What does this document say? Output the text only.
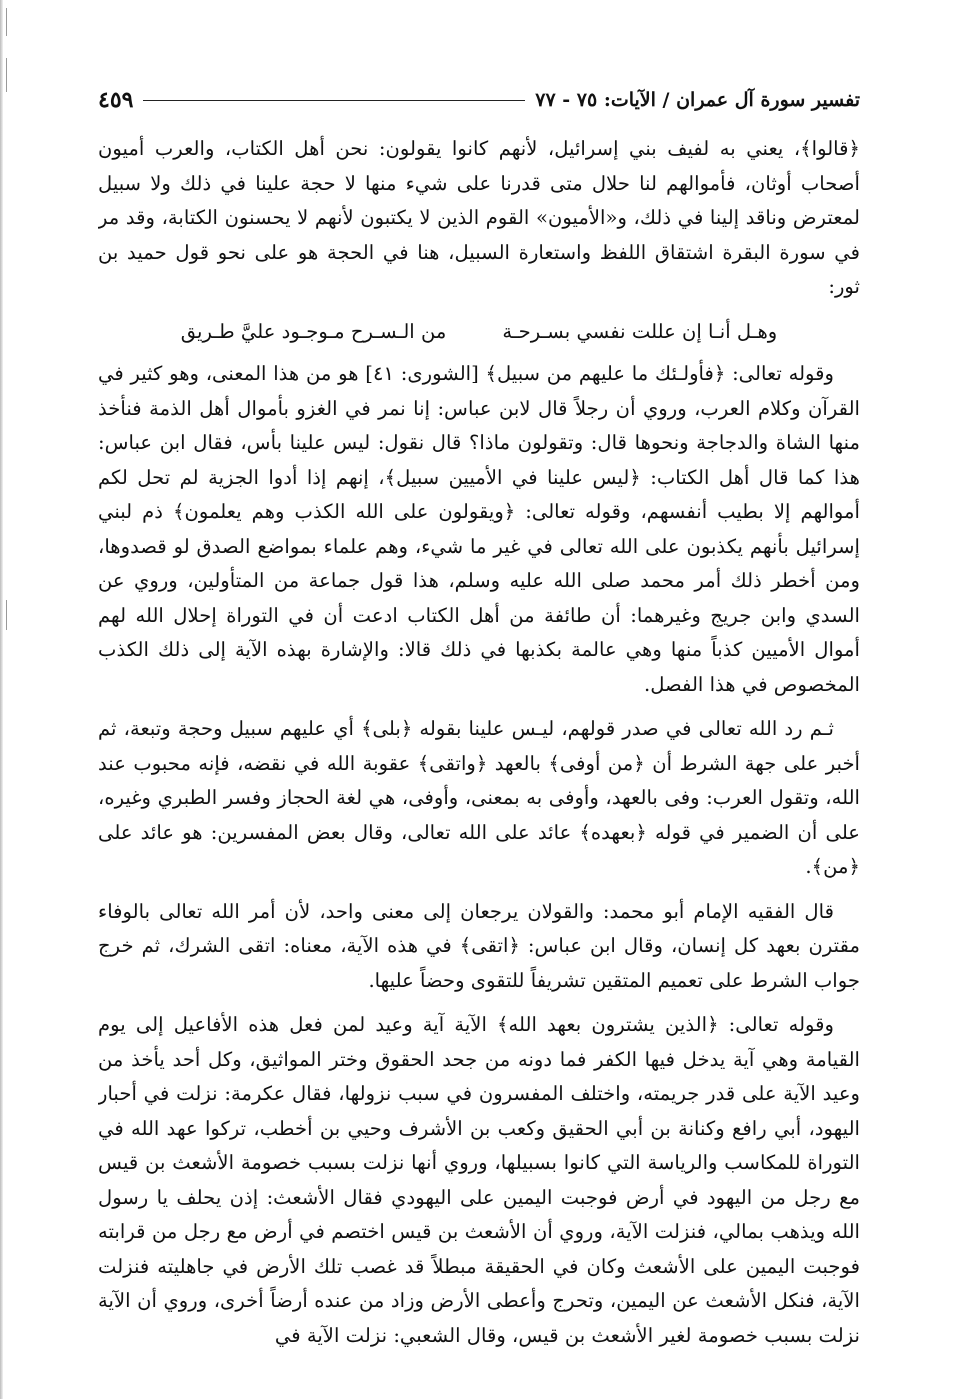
تفسير سورة آل عمران / الآيات: ٧٥ - ٧٧
٤٥٩

﴿قالوا﴾، يعني به لفيف بني إسرائيل، لأنهم كانوا يقولون: نحن أهل الكتاب، والعرب أميون أصحاب أوثان، فأموالهم لنا حلال متى قدرنا على شيء منها لا حجة علينا في ذلك ولا سبيل لمعترض وناقد إلينا في ذلك، و«الأميون» القوم الذين لا يكتبون لأنهم لا يحسنون الكتابة، وقد مر في سورة البقرة اشتقاق اللفظ واستعارة السبيل، هنا في الحجة هو على نحو قول حميد بن ثور:

وهـل أنـا إن عللت نفسي بسـرحـة
من الـسـرح مـوجـود عليَّ طـريق

وقوله تعالى: ﴿فأولـئك ما عليهم من سبيل﴾ [الشورى: ٤١] هو من هذا المعنى، وهو كثير في القرآن وكلام العرب، وروي أن رجلاً قال لابن عباس: إنا نمر في الغزو بأموال أهل الذمة فنأخذ منها الشاة والدجاجة ونحوها قال: وتقولون ماذا؟ قال نقول: ليس علينا بأس، فقال ابن عباس: هذا كما قال أهل الكتاب: ﴿ليس علينا في الأميين سبيل﴾، إنهم إذا أدوا الجزية لم تحل لكم أموالهم إلا بطيب أنفسهم، وقوله تعالى: ﴿ويقولون على الله الكذب وهم يعلمون﴾ ذم لبني إسرائيل بأنهم يكذبون على الله تعالى في غير ما شيء، وهم علماء بمواضع الصدق لو قصدوها، ومن أخطر ذلك أمر محمد صلى الله عليه وسلم، هذا قول جماعة من المتأولين، وروي عن السدي وابن جريج وغيرهما: أن طائفة من أهل الكتاب ادعت أن في التوراة إحلال الله لهم أموال الأميين كذباً منها وهي عالمة بكذبها في ذلك قالا: والإشارة بهذه الآية إلى ذلك الكذب المخصوص في هذا الفصل.

ثـم رد الله تعالى في صدر قولهم، ليـس علينا بقوله ﴿بلى﴾ أي عليهم سبيل وحجة وتبعة، ثم أخبر على جهة الشرط أن ﴿من أوفى﴾ بالعهد ﴿واتقى﴾ عقوبة الله في نقضه، فإنه محبوب عند الله، وتقول العرب: وفى بالعهد، وأوفى به بمعنى، وأوفى، هي لغة الحجاز وفسر الطبري وغيره، على أن الضمير في قوله ﴿بعهده﴾ عائد على الله تعالى، وقال بعض المفسرين: هو عائد على ﴿من﴾.

قال الفقيه الإمام أبو محمد: والقولان يرجعان إلى معنى واحد، لأن أمر الله تعالى بالوفاء مقترن بعهد كل إنسان، وقال ابن عباس: ﴿اتقى﴾ في هذه الآية، معناه: اتقى الشرك، ثم خرج جواب الشرط على تعميم المتقين تشريفاً للتقوى وحضاً عليها.

وقوله تعالى: ﴿الذين يشترون بعهد الله﴾ الآية آية وعيد لمن فعل هذه الأفاعيل إلى يوم القيامة وهي آية يدخل فيها الكفر فما دونه من جحد الحقوق وختر المواثيق، وكل أحد يأخذ من وعيد الآية على قدر جريمته، واختلف المفسرون في سبب نزولها، فقال عكرمة: نزلت في أحبار اليهود، أبي رافع وكنانة بن أبي الحقيق وكعب بن الأشرف وحيي بن أخطب، تركوا عهد الله في التوراة للمكاسب والرياسة التي كانوا بسبيلها، وروي أنها نزلت بسبب خصومة الأشعث بن قيس مع رجل من اليهود في أرض فوجبت اليمين على اليهودي فقال الأشعث: إذن يحلف يا رسول الله ويذهب بمالي، فنزلت الآية، وروي أن الأشعث بن قيس اختصم في أرض مع رجل من قرابته فوجبت اليمين على الأشعث وكان في الحقيقة مبطلاً قد غصب تلك الأرض في جاهليته فنزلت الآية، فنكل الأشعث عن اليمين، وتحرج وأعطى الأرض وزاد من عنده أرضاً أخرى، وروي أن الآية نزلت بسبب خصومة لغير الأشعث بن قيس، وقال الشعبي: نزلت الآية في
